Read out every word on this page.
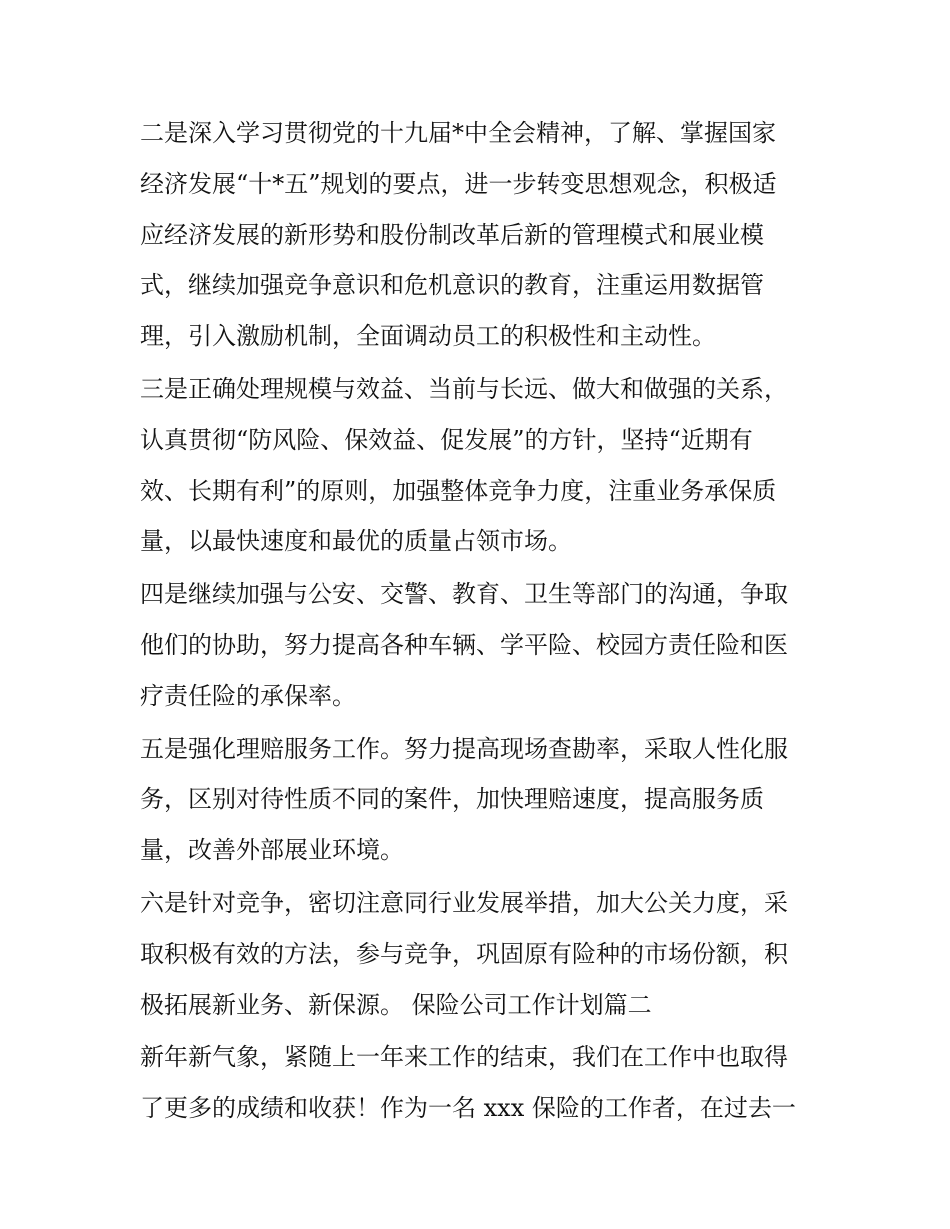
二是深入学习贯彻党的十九届*中全会精神，了解、掌握国家
经济发展“十*五”规划的要点，进一步转变思想观念，积极适
应经济发展的新形势和股份制改革后新的管理模式和展业模
式，继续加强竞争意识和危机意识的教育，注重运用数据管
理，引入激励机制，全面调动员工的积极性和主动性。
三是正确处理规模与效益、当前与长远、做大和做强的关系，
认真贯彻“防风险、保效益、促发展”的方针，坚持“近期有
效、长期有利”的原则，加强整体竞争力度，注重业务承保质
量，以最快速度和最优的质量占领市场。
四是继续加强与公安、交警、教育、卫生等部门的沟通，争取
他们的协助，努力提高各种车辆、学平险、校园方责任险和医
疗责任险的承保率。
五是强化理赔服务工作。努力提高现场查勘率，采取人性化服
务，区别对待性质不同的案件，加快理赔速度，提高服务质
量，改善外部展业环境。
六是针对竞争，密切注意同行业发展举措，加大公关力度，采
取积极有效的方法，参与竞争，巩固原有险种的市场份额，积
极拓展新业务、新保源。 保险公司工作计划篇二
新年新气象，紧随上一年来工作的结束，我们在工作中也取得
了更多的成绩和收获！作为一名 xxx 保险的工作者，在过去一
